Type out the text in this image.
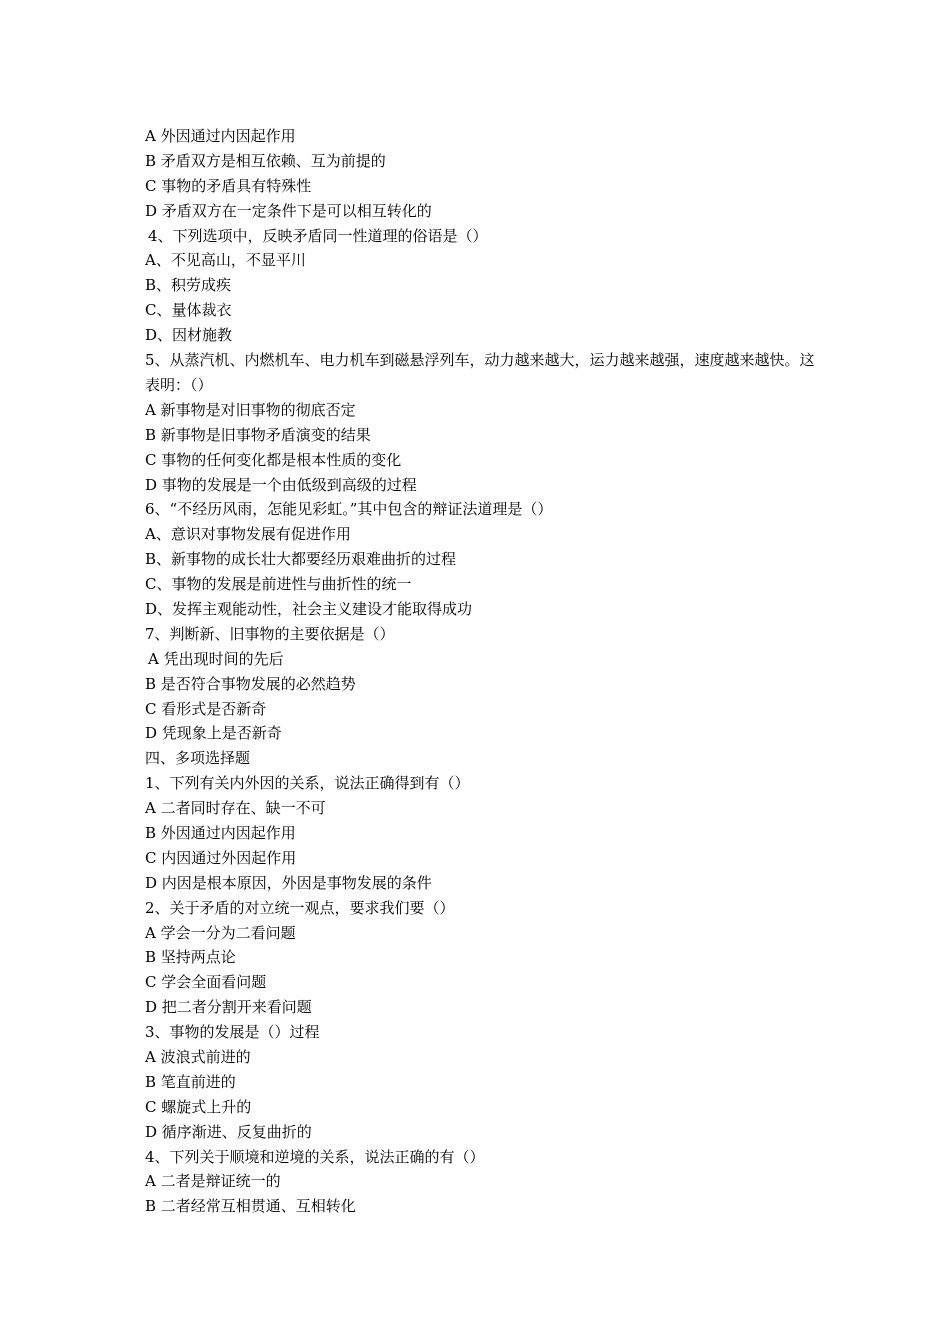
A 外因通过内因起作用
B 矛盾双方是相互依赖、互为前提的
C 事物的矛盾具有特殊性
D 矛盾双方在一定条件下是可以相互转化的
4、下列选项中，反映矛盾同一性道理的俗语是（）
A、不见高山，不显平川
B、积劳成疾
C、量体裁衣
D、因材施教
5、从蒸汽机、内燃机车、电力机车到磁悬浮列车，动力越来越大，运力越来越强，速度越来越快。这表明：（）
A 新事物是对旧事物的彻底否定
B 新事物是旧事物矛盾演变的结果
C 事物的任何变化都是根本性质的变化
D 事物的发展是一个由低级到高级的过程
6、“不经历风雨，怎能见彩虹。”其中包含的辩证法道理是（）
A、意识对事物发展有促进作用
B、新事物的成长壮大都要经历艰难曲折的过程
C、事物的发展是前进性与曲折性的统一
D、发挥主观能动性，社会主义建设才能取得成功
7、判断新、旧事物的主要依据是（）
A 凭出现时间的先后
B 是否符合事物发展的必然趋势
C 看形式是否新奇
D 凭现象上是否新奇
四、多项选择题
1、下列有关内外因的关系，说法正确得到有（）
A 二者同时存在、缺一不可
B 外因通过内因起作用
C 内因通过外因起作用
D 内因是根本原因，外因是事物发展的条件
2、关于矛盾的对立统一观点，要求我们要（）
A 学会一分为二看问题
B 坚持两点论
C 学会全面看问题
D 把二者分割开来看问题
3、事物的发展是（）过程
A 波浪式前进的
B 笔直前进的
C 螺旋式上升的
D 循序渐进、反复曲折的
4、下列关于顺境和逆境的关系，说法正确的有（）
A 二者是辩证统一的
B 二者经常互相贯通、互相转化
